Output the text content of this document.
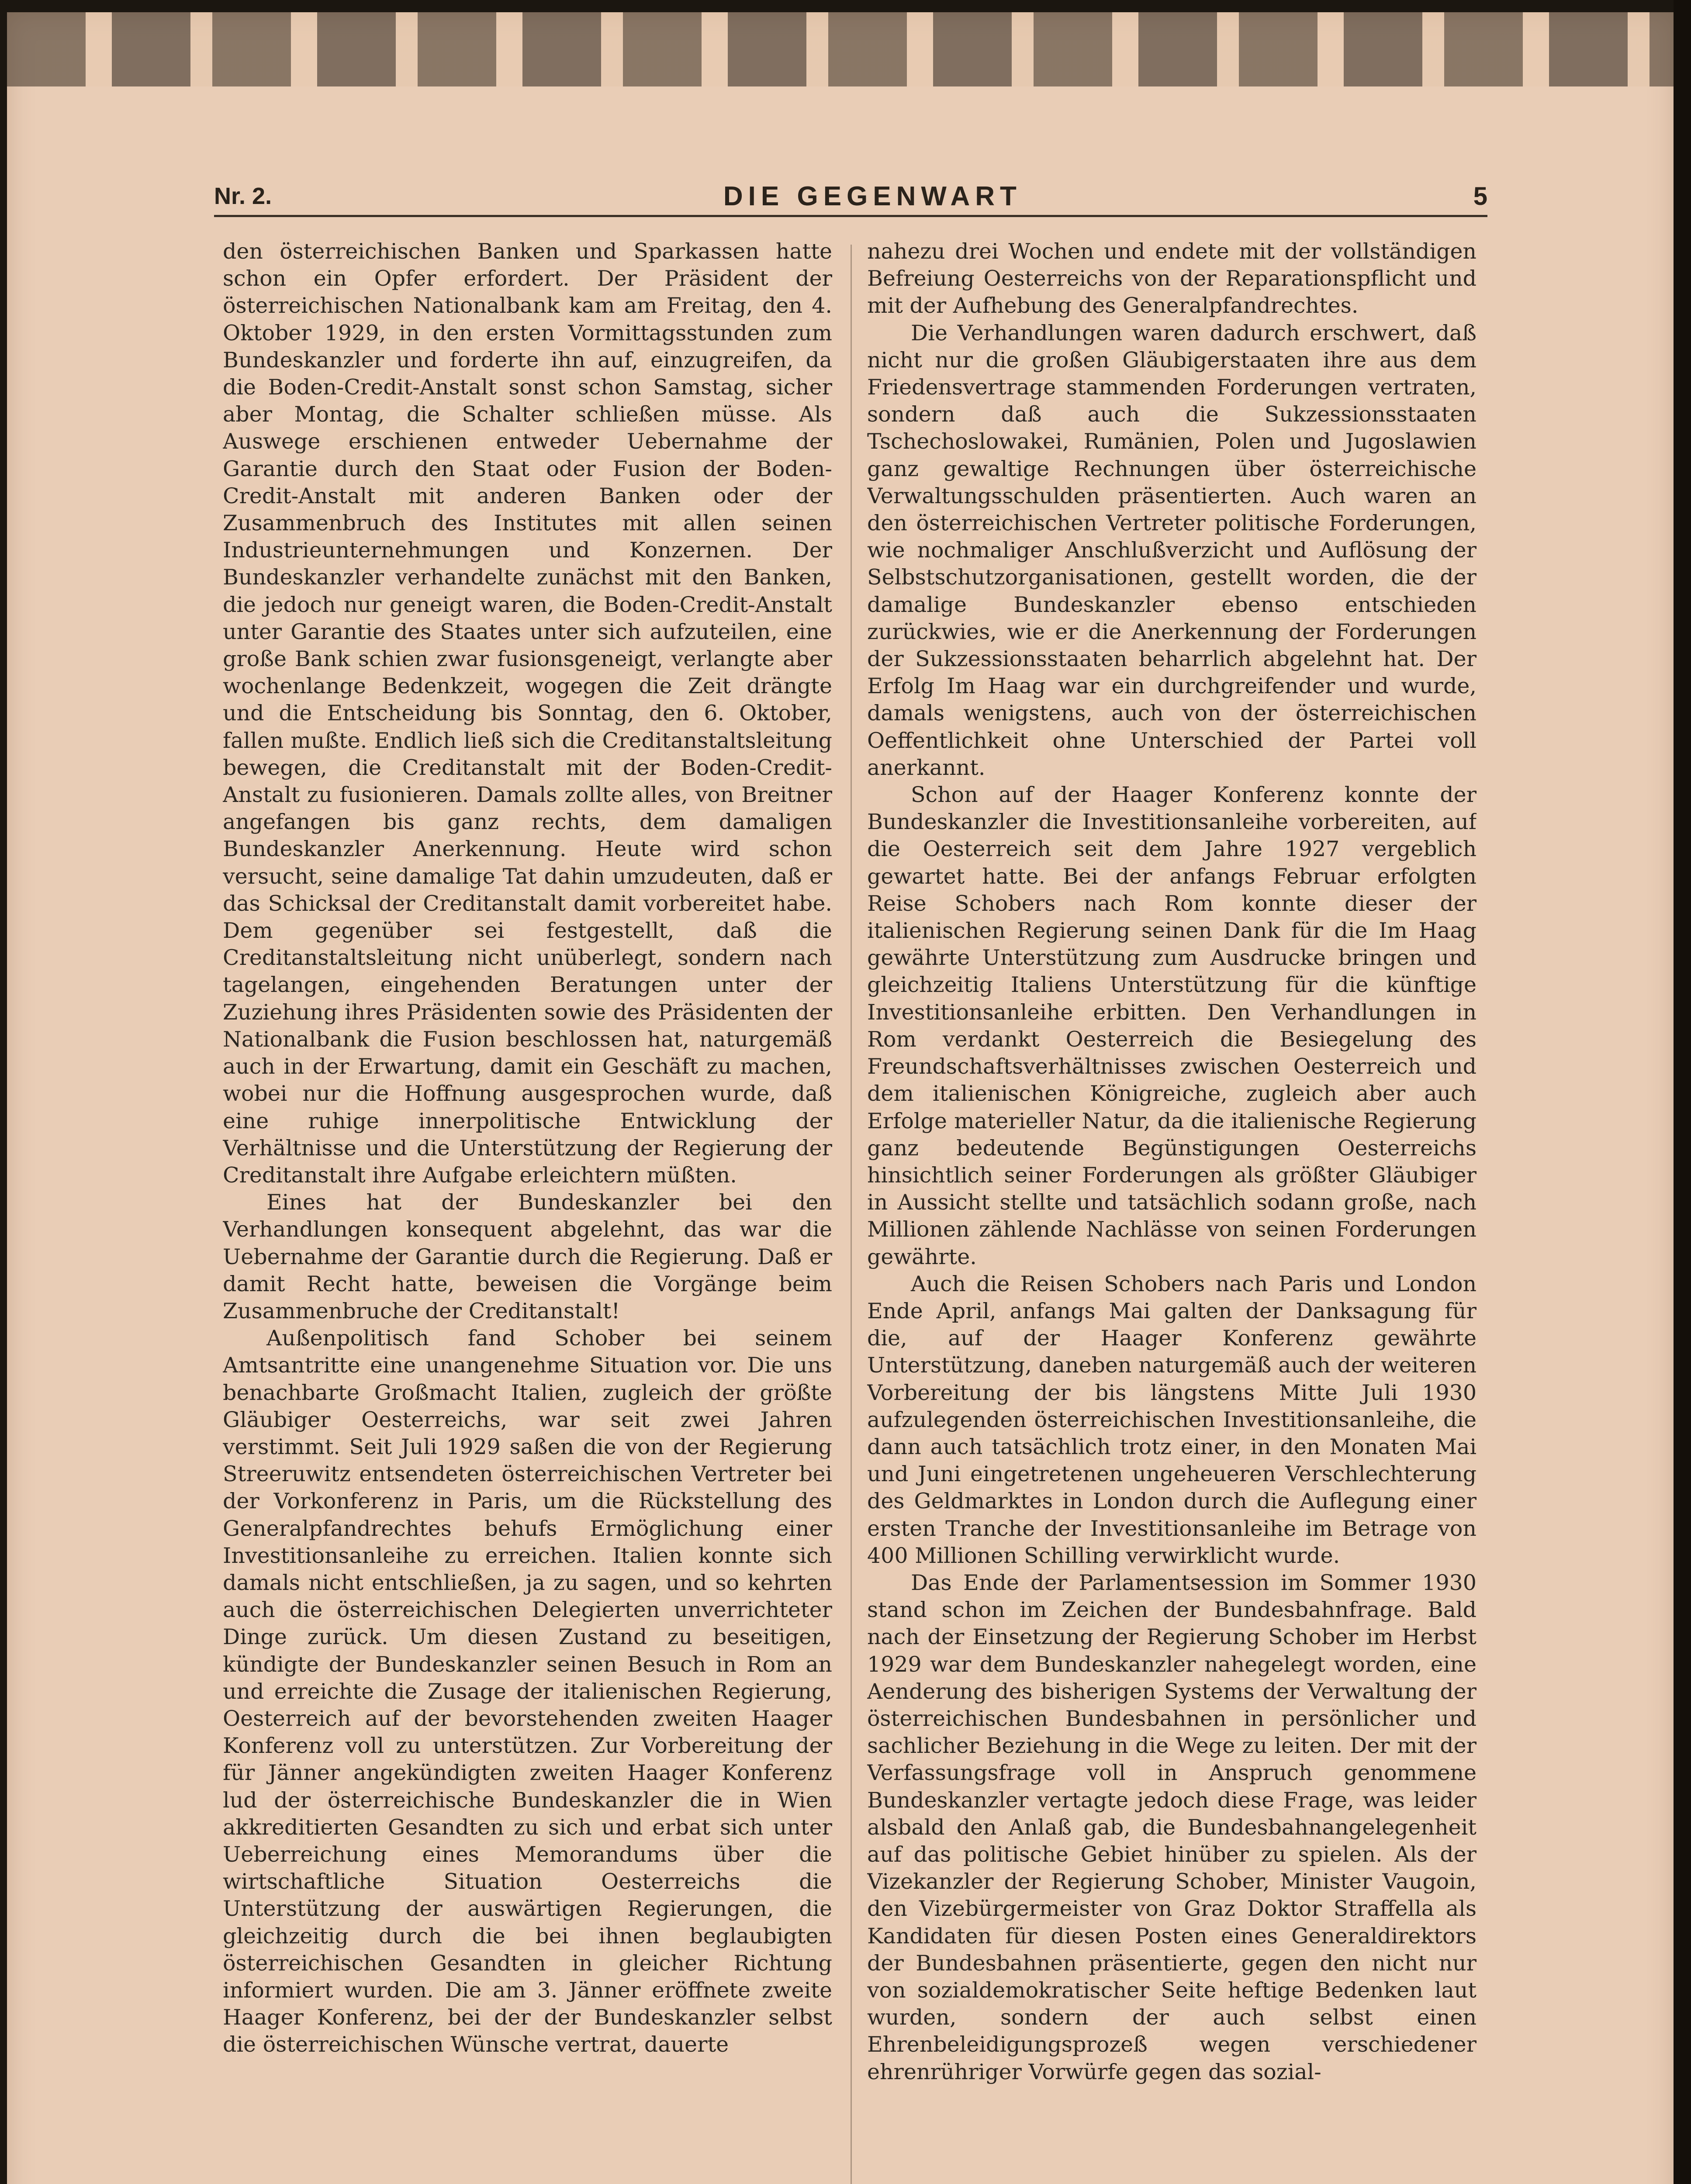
Nr. 2.	DIE GEGENWART	5

den österreichischen Banken und Sparkassen hatte schon ein Opfer erfordert. Der Präsident der österreichischen Nationalbank kam am Freitag, den 4. Oktober 1929, in den ersten Vormittagsstunden zum Bundeskanzler und forderte ihn auf, einzugreifen, da die Boden-Credit-Anstalt sonst schon Samstag, sicher aber Montag, die Schalter schließen müsse. Als Auswege erschienen entweder Uebernahme der Garantie durch den Staat oder Fusion der Boden-Credit-Anstalt mit anderen Banken oder der Zusammenbruch des Institutes mit allen seinen Industrieunternehmungen und Konzernen. Der Bundeskanzler verhandelte zunächst mit den Banken, die jedoch nur geneigt waren, die Boden-Credit-Anstalt unter Garantie des Staates unter sich aufzuteilen, eine große Bank schien zwar fusionsgeneigt, verlangte aber wochenlange Bedenkzeit, wogegen die Zeit drängte und die Entscheidung bis Sonntag, den 6. Oktober, fallen mußte. Endlich ließ sich die Creditanstaltsleitung bewegen, die Creditanstalt mit der Boden-Credit-Anstalt zu fusionieren. Damals zollte alles, von Breitner angefangen bis ganz rechts, dem damaligen Bundeskanzler Anerkennung. Heute wird schon versucht, seine damalige Tat dahin umzudeuten, daß er das Schicksal der Creditanstalt damit vorbereitet habe. Dem gegenüber sei festgestellt, daß die Creditanstaltsleitung nicht unüberlegt, sondern nach tagelangen, eingehenden Beratungen unter der Zuziehung ihres Präsidenten sowie des Präsidenten der Nationalbank die Fusion beschlossen hat, naturgemäß auch in der Erwartung, damit ein Geschäft zu machen, wobei nur die Hoffnung ausgesprochen wurde, daß eine ruhige innerpolitische Entwicklung der Verhältnisse und die Unterstützung der Regierung der Creditanstalt ihre Aufgabe erleichtern müßten.

Eines hat der Bundeskanzler bei den Verhandlungen konsequent abgelehnt, das war die Uebernahme der Garantie durch die Regierung. Daß er damit Recht hatte, beweisen die Vorgänge beim Zusammenbruche der Creditanstalt!

Außenpolitisch fand Schober bei seinem Amtsantritte eine unangenehme Situation vor. Die uns benachbarte Großmacht Italien, zugleich der größte Gläubiger Oesterreichs, war seit zwei Jahren verstimmt. Seit Juli 1929 saßen die von der Regierung Streeruwitz entsendeten österreichischen Vertreter bei der Vorkonferenz in Paris, um die Rückstellung des Generalpfandrechtes behufs Ermöglichung einer Investitionsanleihe zu erreichen. Italien konnte sich damals nicht entschließen, ja zu sagen, und so kehrten auch die österreichischen Delegierten unverrichteter Dinge zurück. Um diesen Zustand zu beseitigen, kündigte der Bundeskanzler seinen Besuch in Rom an und erreichte die Zusage der italienischen Regierung, Oesterreich auf der bevorstehenden zweiten Haager Konferenz voll zu unterstützen. Zur Vorbereitung der für Jänner angekündigten zweiten Haager Konferenz lud der österreichische Bundeskanzler die in Wien akkreditierten Gesandten zu sich und erbat sich unter Ueberreichung eines Memorandums über die wirtschaftliche Situation Oesterreichs die Unterstützung der auswärtigen Regierungen, die gleichzeitig durch die bei ihnen beglaubigten österreichischen Gesandten in gleicher Richtung informiert wurden. Die am 3. Jänner eröffnete zweite Haager Konferenz, bei der der Bundeskanzler selbst die österreichischen Wünsche vertrat, dauerte

nahezu drei Wochen und endete mit der vollständigen Befreiung Oesterreichs von der Reparationspflicht und mit der Aufhebung des Generalpfandrechtes.

Die Verhandlungen waren dadurch erschwert, daß nicht nur die großen Gläubigerstaaten ihre aus dem Friedensvertrage stammenden Forderungen vertraten, sondern daß auch die Sukzessionsstaaten Tschechoslowakei, Rumänien, Polen und Jugoslawien ganz gewaltige Rechnungen über österreichische Verwaltungsschulden präsentierten. Auch waren an den österreichischen Vertreter politische Forderungen, wie nochmaliger Anschlußverzicht und Auflösung der Selbstschutzorganisationen, gestellt worden, die der damalige Bundeskanzler ebenso entschieden zurückwies, wie er die Anerkennung der Forderungen der Sukzessionsstaaten beharrlich abgelehnt hat. Der Erfolg Im Haag war ein durchgreifender und wurde, damals wenigstens, auch von der österreichischen Oeffentlichkeit ohne Unterschied der Partei voll anerkannt.

Schon auf der Haager Konferenz konnte der Bundeskanzler die Investitionsanleihe vorbereiten, auf die Oesterreich seit dem Jahre 1927 vergeblich gewartet hatte. Bei der anfangs Februar erfolgten Reise Schobers nach Rom konnte dieser der italienischen Regierung seinen Dank für die Im Haag gewährte Unterstützung zum Ausdrucke bringen und gleichzeitig Italiens Unterstützung für die künftige Investitionsanleihe erbitten. Den Verhandlungen in Rom verdankt Oesterreich die Besiegelung des Freundschaftsverhältnisses zwischen Oesterreich und dem italienischen Königreiche, zugleich aber auch Erfolge materieller Natur, da die italienische Regierung ganz bedeutende Begünstigungen Oesterreichs hinsichtlich seiner Forderungen als größter Gläubiger in Aussicht stellte und tatsächlich sodann große, nach Millionen zählende Nachlässe von seinen Forderungen gewährte.

Auch die Reisen Schobers nach Paris und London Ende April, anfangs Mai galten der Danksagung für die, auf der Haager Konferenz gewährte Unterstützung, daneben naturgemäß auch der weiteren Vorbereitung der bis längstens Mitte Juli 1930 aufzulegenden österreichischen Investitionsanleihe, die dann auch tatsächlich trotz einer, in den Monaten Mai und Juni eingetretenen ungeheueren Verschlechterung des Geldmarktes in London durch die Auflegung einer ersten Tranche der Investitionsanleihe im Betrage von 400 Millionen Schilling verwirklicht wurde.

Das Ende der Parlamentsession im Sommer 1930 stand schon im Zeichen der Bundesbahnfrage. Bald nach der Einsetzung der Regierung Schober im Herbst 1929 war dem Bundeskanzler nahegelegt worden, eine Aenderung des bisherigen Systems der Verwaltung der österreichischen Bundesbahnen in persönlicher und sachlicher Beziehung in die Wege zu leiten. Der mit der Verfassungsfrage voll in Anspruch genommene Bundeskanzler vertagte jedoch diese Frage, was leider alsbald den Anlaß gab, die Bundesbahnangelegenheit auf das politische Gebiet hinüber zu spielen. Als der Vizekanzler der Regierung Schober, Minister Vaugoin, den Vizebürgermeister von Graz Doktor Straffella als Kandidaten für diesen Posten eines Generaldirektors der Bundesbahnen präsentierte, gegen den nicht nur von sozialdemokratischer Seite heftige Bedenken laut wurden, sondern der auch selbst einen Ehrenbeleidigungsprozeß wegen verschiedener ehrenrühriger Vorwürfe gegen das sozial-
